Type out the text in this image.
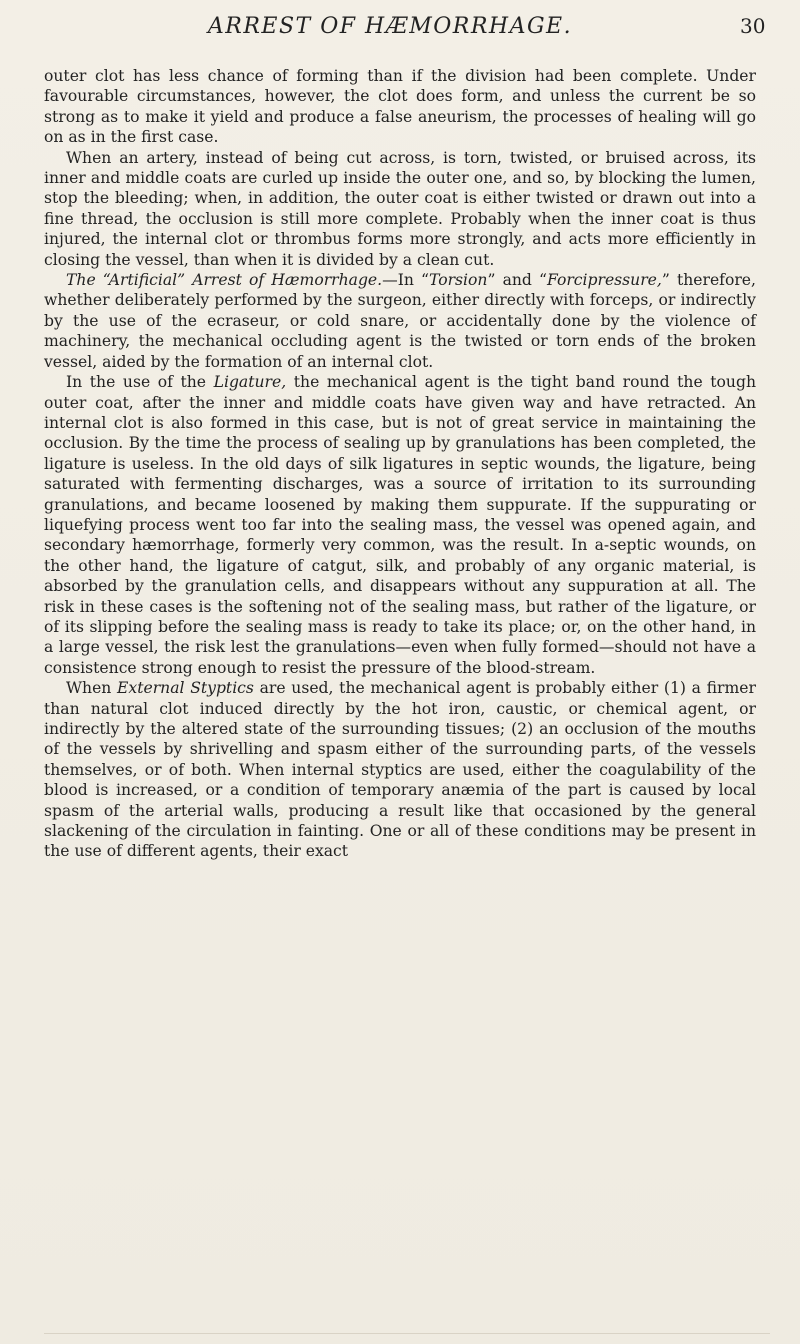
ARREST OF HÆMORRHAGE.	30

outer clot has less chance of forming than if the division had been complete. Under favourable circumstances, however, the clot does form, and unless the current be so strong as to make it yield and produce a false aneurism, the processes of healing will go on as in the first case.

When an artery, instead of being cut across, is torn, twisted, or bruised across, its inner and middle coats are curled up inside the outer one, and so, by blocking the lumen, stop the bleeding; when, in addition, the outer coat is either twisted or drawn out into a fine thread, the occlusion is still more complete. Probably when the inner coat is thus injured, the internal clot or thrombus forms more strongly, and acts more efficiently in closing the vessel, than when it is divided by a clean cut.

The “Artificial” Arrest of Hæmorrhage.—In “Torsion” and “Forcipressure,” therefore, whether deliberately performed by the surgeon, either directly with forceps, or indirectly by the use of the ecraseur, or cold snare, or accidentally done by the violence of machinery, the mechanical occluding agent is the twisted or torn ends of the broken vessel, aided by the formation of an internal clot.

In the use of the Ligature, the mechanical agent is the tight band round the tough outer coat, after the inner and middle coats have given way and have retracted. An internal clot is also formed in this case, but is not of great service in maintaining the occlusion. By the time the process of sealing up by granulations has been completed, the ligature is useless. In the old days of silk ligatures in septic wounds, the ligature, being saturated with fermenting discharges, was a source of irritation to its surrounding granulations, and became loosened by making them suppurate. If the suppurating or liquefying process went too far into the sealing mass, the vessel was opened again, and secondary hæmorrhage, formerly very common, was the result. In a-septic wounds, on the other hand, the ligature of catgut, silk, and probably of any organic material, is absorbed by the granulation cells, and disappears without any suppuration at all. The risk in these cases is the softening not of the sealing mass, but rather of the ligature, or of its slipping before the sealing mass is ready to take its place; or, on the other hand, in a large vessel, the risk lest the granulations—even when fully formed—should not have a consistence strong enough to resist the pressure of the blood-stream.

When External Styptics are used, the mechanical agent is probably either (1) a firmer than natural clot induced directly by the hot iron, caustic, or chemical agent, or indirectly by the altered state of the surrounding tissues; (2) an occlusion of the mouths of the vessels by shrivelling and spasm either of the surrounding parts, of the vessels themselves, or of both. When internal styptics are used, either the coagulability of the blood is increased, or a condition of temporary anæmia of the part is caused by local spasm of the arterial walls, producing a result like that occasioned by the general slackening of the circulation in fainting. One or all of these conditions may be present in the use of different agents, their exact
